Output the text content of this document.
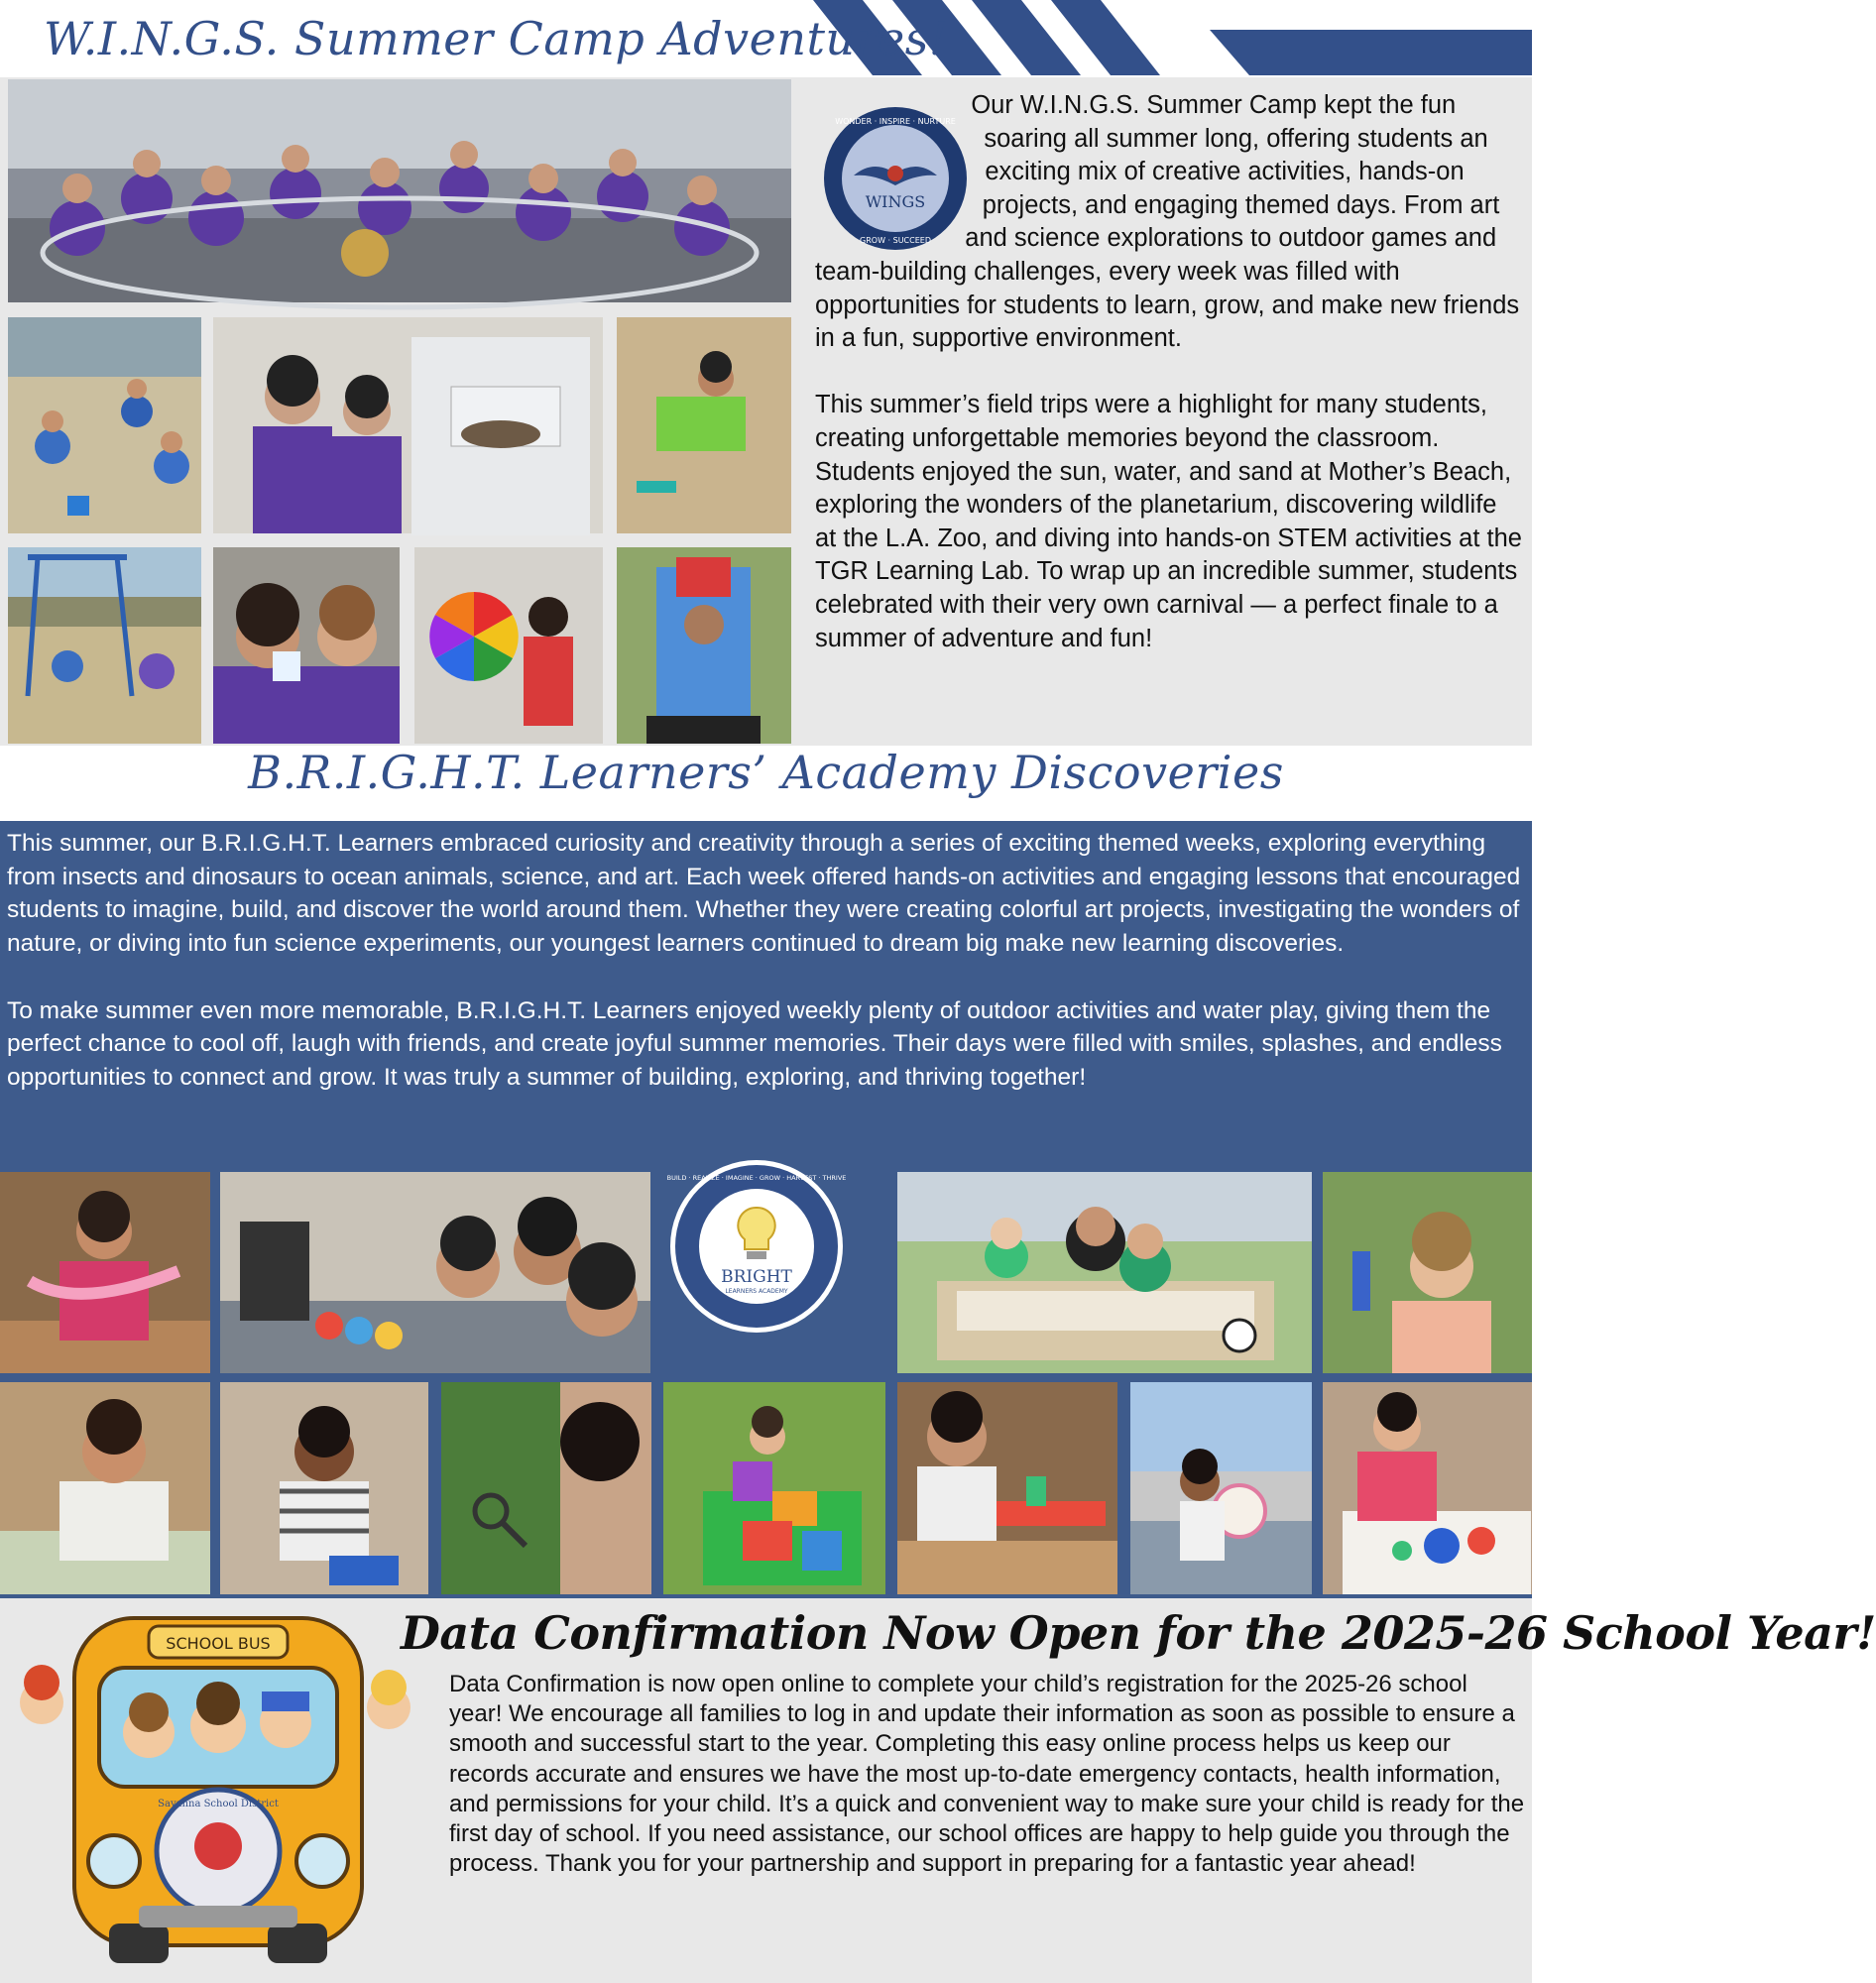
W.I.N.G.S. Summer Camp Adventures!
WINGS
WONDER · INSPIRE · NURTURE
GROW · SUCCEED

Our W.I.N.G.S. Summer Camp kept the fun soaring all summer long, offering students an exciting mix of creative activities, hands-on projects, and engaging themed days. From art and science explorations to outdoor games and team-building challenges, every week was filled with opportunities for students to learn, grow, and make new friends in a fun, supportive environment.

This summer’s field trips were a highlight for many students, creating unforgettable memories beyond the classroom. Students enjoyed the sun, water, and sand at Mother’s Beach, exploring the wonders of the planetarium, discovering wildlife at the L.A. Zoo, and diving into hands-on STEM activities at the TGR Learning Lab. To wrap up an incredible summer, students celebrated with their very own carnival — a perfect finale to a summer of adventure and fun!

B.R.I.G.H.T. Learners’ Academy Discoveries

This summer, our B.R.I.G.H.T. Learners embraced curiosity and creativity through a series of exciting themed weeks, exploring everything from insects and dinosaurs to ocean animals, science, and art. Each week offered hands-on activities and engaging lessons that encouraged students to imagine, build, and discover the world around them. Whether they were creating colorful art projects, investigating the wonders of nature, or diving into fun science experiments, our youngest learners continued to dream big make new learning discoveries.

To make summer even more memorable, B.R.I.G.H.T. Learners enjoyed weekly plenty of outdoor activities and water play, giving them the perfect chance to cool off, laugh with friends, and create joyful summer memories. Their days were filled with smiles, splashes, and endless opportunities to connect and grow. It was truly a summer of building, exploring, and thriving together!

BRIGHT
LEARNERS ACADEMY
BUILD · REALIZE · IMAGINE · GROW · HARVEST · THRIVE
SCHOOL BUS
Savanna School District
Data Confirmation Now Open for the 2025-26 School Year!
Data Confirmation is now open online to complete your child’s registration for the 2025-26 school year! We encourage all families to log in and update their information as soon as possible to ensure a smooth and successful start to the year. Completing this easy online process helps us keep our records accurate and ensures we have the most up-to-date emergency contacts, health information, and permissions for your child. It’s a quick and convenient way to make sure your child is ready for the first day of school. If you need assistance, our school offices are happy to help guide you through the process. Thank you for your partnership and support in preparing for a fantastic year ahead!
